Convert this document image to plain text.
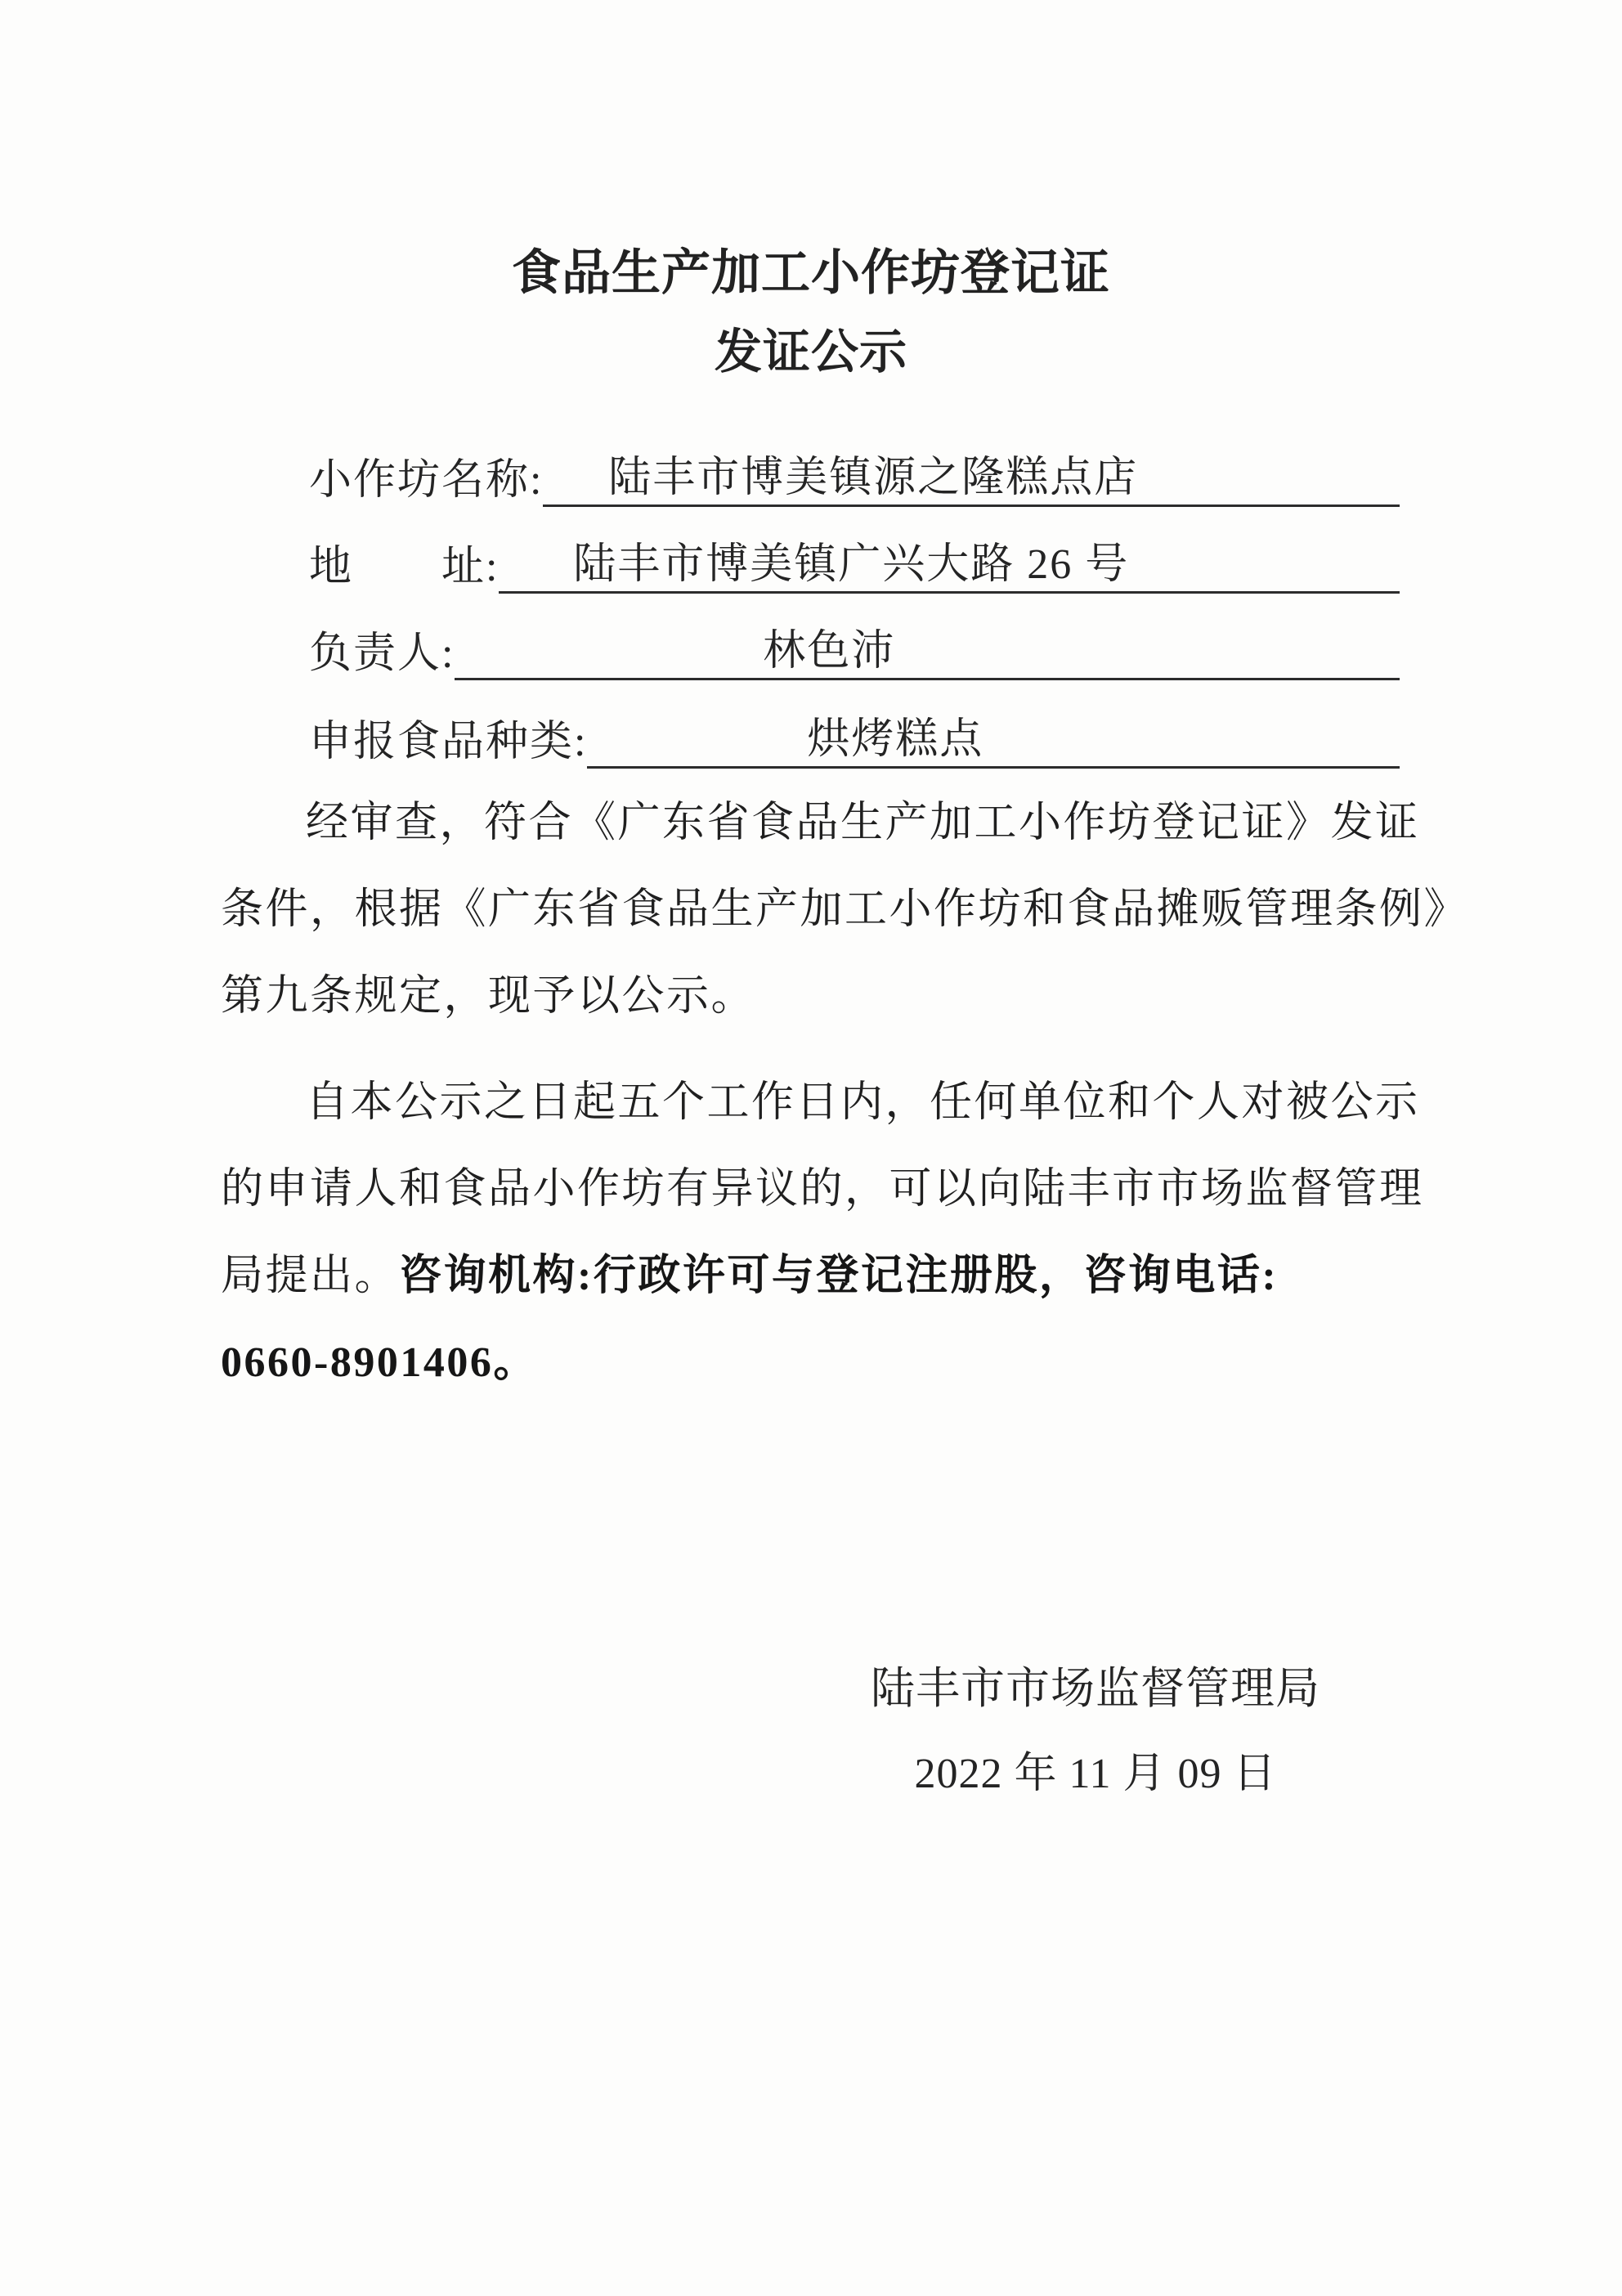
食品生产加工小作坊登记证
发证公示
小作坊名称:	陆丰市博美镇源之隆糕点店
地　　址:	陆丰市博美镇广兴大路 26 号
负责人:	林色沛
申报食品种类:	烘烤糕点
经审查，符合《广东省食品生产加工小作坊登记证》发证
条件，根据《广东省食品生产加工小作坊和食品摊贩管理条例》
第九条规定，现予以公示。
自本公示之日起五个工作日内，任何单位和个人对被公示
的申请人和食品小作坊有异议的，可以向陆丰市市场监督管理
局提出。咨询机构:行政许可与登记注册股，咨询电话:
0660-8901406。
陆丰市市场监督管理局
2022 年 11 月 09 日
